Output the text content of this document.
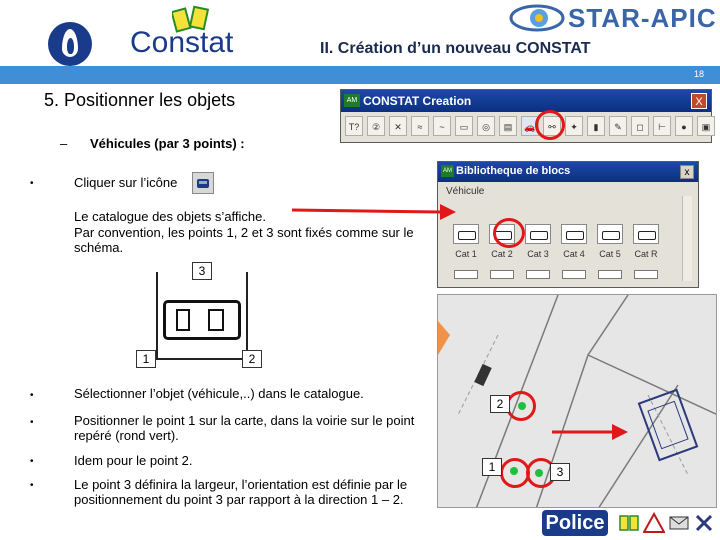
Constat	II. Création d’un nouveau CONSTAT
STAR-APIC
18
5. Positionner les objets
– Véhicules (par 3 points) :
•	Cliquer sur l’icône
Le catalogue des objets s’affiche.
Par convention, les points 1, 2 et 3 sont fixés comme sur le schéma.
3
1	2
•	Sélectionner l’objet (véhicule,..) dans le catalogue.
•	Positionner le point 1 sur la carte, dans la voirie sur le point repéré (rond vert).
•	Idem pour le point 2.
•	Le point 3 définira la largeur, l’orientation est définie par le positionnement du point 3 par rapport à la direction 1 – 2.
CONSTAT Creation
AM	X
T?	②	✕	≈	~	▭	◎	▤	🚗	⚯	✦	▮	✎	◻	⊢	●	▣
Bibliotheque de blocs
AM	x
Véhicule
Cat 1	Cat 2	Cat 3	Cat 4	Cat 5	Cat R
2
1	3
Police
